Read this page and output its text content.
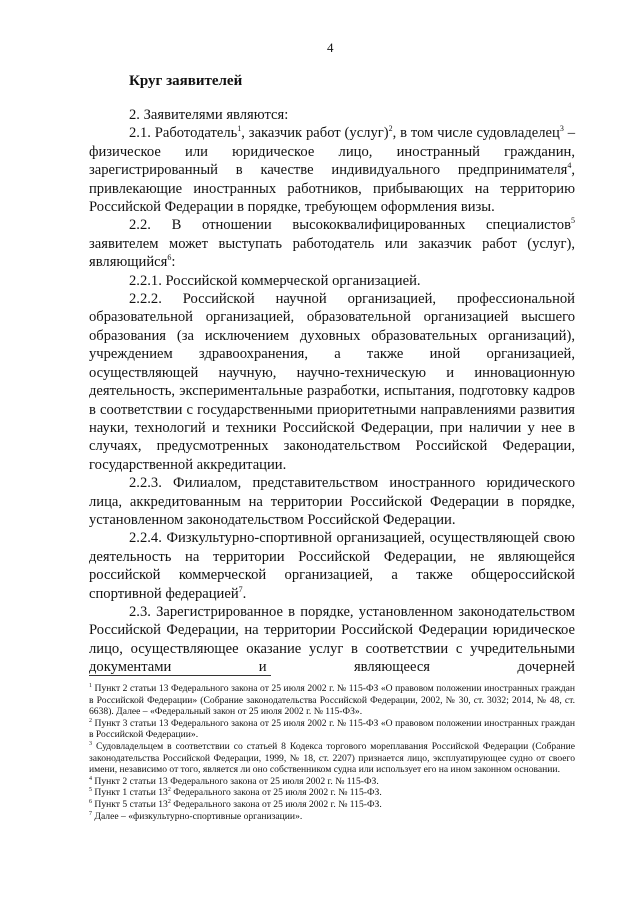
4
Круг заявителей

2. Заявителями являются:

2.1. Работодатель$^1$, заказчик работ (услуг)$^2$, в том числе судовладелец$^3$ – физическое или юридическое лицо, иностранный гражданин, зарегистрированный в качестве индивидуального предпринимателя$^4$, привлекающие иностранных работников, прибывающих на территорию Российской Федерации в порядке, требующем оформления визы.

2.2. В отношении высококвалифицированных специалистов$^5$ заявителем может выступать работодатель или заказчик работ (услуг), являющийся$^6$:

2.2.1. Российской коммерческой организацией.

2.2.2. Российской научной организацией, профессиональной образовательной организацией, образовательной организацией высшего образования (за исключением духовных образовательных организаций), учреждением здравоохранения, а также иной организацией, осуществляющей научную, научно-техническую и инновационную деятельность, экспериментальные разработки, испытания, подготовку кадров в соответствии с государственными приоритетными направлениями развития науки, технологий и техники Российской Федерации, при наличии у нее в случаях, предусмотренных законодательством Российской Федерации, государственной аккредитации.

2.2.3. Филиалом, представительством иностранного юридического лица, аккредитованным на территории Российской Федерации в порядке, установленном законодательством Российской Федерации.

2.2.4. Физкультурно-спортивной организацией, осуществляющей свою деятельность на территории Российской Федерации, не являющейся российской коммерческой организацией, а также общероссийской спортивной федерацией$^7$.

2.3. Зарегистрированное в порядке, установленном законодательством Российской Федерации, на территории Российской Федерации юридическое лицо, осуществляющее оказание услуг в соответствии с учредительными документами и являющееся дочерней

$^1$ Пункт 2 статьи 13 Федерального закона от 25 июля 2002 г. № 115-ФЗ «О правовом положении иностранных граждан в Российской Федерации» (Собрание законодательства Российской Федерации, 2002, № 30, ст. 3032; 2014, № 48, ст. 6638). Далее – «Федеральный закон от 25 июля 2002 г. № 115-ФЗ».

$^2$ Пункт 3 статьи 13 Федерального закона от 25 июля 2002 г. № 115-ФЗ «О правовом положении иностранных граждан в Российской Федерации».

$^3$ Судовладельцем в соответствии со статьей 8 Кодекса торгового мореплавания Российской Федерации (Собрание законодательства Российской Федерации, 1999, № 18, ст. 2207) признается лицо, эксплуатирующее судно от своего имени, независимо от того, является ли оно собственником судна или использует его на ином законном основании.

$^4$ Пункт 2 статьи 13 Федерального закона от 25 июля 2002 г. № 115-ФЗ.

$^5$ Пункт 1 статьи $13^2$ Федерального закона от 25 июля 2002 г. № 115-ФЗ.

$^6$ Пункт 5 статьи $13^2$ Федерального закона от 25 июля 2002 г. № 115-ФЗ.

$^7$ Далее – «физкультурно-спортивные организации».
